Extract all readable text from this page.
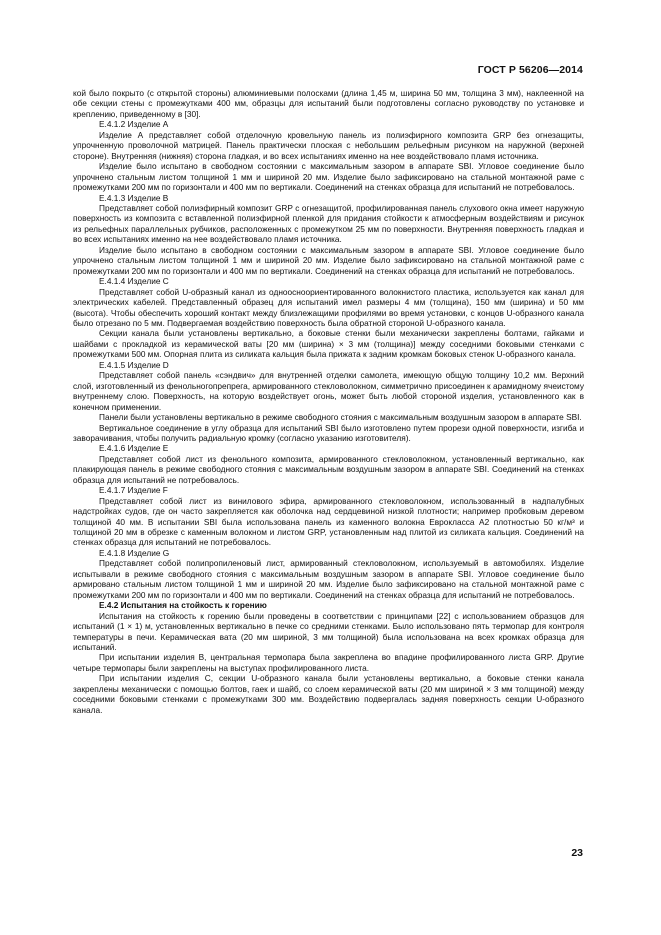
ГОСТ Р 56206—2014

кой было покрыто (с открытой стороны) алюминиевыми полосками (длина 1,45 м, ширина 50 мм, толщина 3 мм), наклеенной на обе секции стены с промежутками 400 мм, образцы для испытаний были подготовлены согласно руководству по установке и креплению, приведенному в [30].

Е.4.1.2 Изделие А

Изделие А представляет собой отделочную кровельную панель из полиэфирного композита GRP без огнезащиты, упрочненную проволочной матрицей. Панель практически плоская с небольшим рельефным рисунком на наружной (верхней стороне). Внутренняя (нижняя) сторона гладкая, и во всех испытаниях именно на нее воздействовало пламя источника.

Изделие было испытано в свободном состоянии с максимальным зазором в аппарате SBI. Угловое соединение было упрочнено стальным листом толщиной 1 мм и шириной 20 мм. Изделие было зафиксировано на стальной монтажной раме с промежутками 200 мм по горизонтали и 400 мм по вертикали. Соединений на стенках образца для испытаний не потребовалось.

Е.4.1.3 Изделие В

Представляет собой полиэфирный композит GRP с огнезащитой, профилированная панель слухового окна имеет наружную поверхность из композита с вставленной полиэфирной пленкой для придания стойкости к атмосферным воздействиям и рисунок из рельефных параллельных рубчиков, расположенных с промежутком 25 мм по поверхности. Внутренняя поверхность гладкая и во всех испытаниях именно на нее воздействовало пламя источника.

Изделие было испытано в свободном состоянии с максимальным зазором в аппарате SBI. Угловое соединение было упрочнено стальным листом толщиной 1 мм и шириной 20 мм. Изделие было зафиксировано на стальной монтажной раме с промежутками 200 мм по горизонтали и 400 мм по вертикали. Соединений на стенках образца для испытаний не потребовалось.

Е.4.1.4 Изделие С

Представляет собой U-образный канал из одноосноориентированного волокнистого пластика, используется как канал для электрических кабелей. Представленный образец для испытаний имел размеры 4 мм (толщина), 150 мм (ширина) и 50 мм (высота). Чтобы обеспечить хороший контакт между близлежащими профилями во время установки, с концов U-образного канала было отрезано по 5 мм. Подвергаемая воздействию поверхность была обратной стороной U-образного канала.

Секции канала были установлены вертикально, а боковые стенки были механически закреплены болтами, гайками и шайбами с прокладкой из керамической ваты [20 мм (ширина) × 3 мм (толщина)] между соседними боковыми стенками с промежутками 500 мм. Опорная плита из силиката кальция была прижата к задним кромкам боковых стенок U-образного канала.

Е.4.1.5 Изделие D

Представляет собой панель «сэндвич» для внутренней отделки самолета, имеющую общую толщину 10,2 мм. Верхний слой, изготовленный из фенольногопрепрега, армированного стекловолокном, симметрично присоединен к арамидному ячеистому внутреннему слою. Поверхность, на которую воздействует огонь, может быть любой стороной изделия, установленного как в конечном применении.

Панели были установлены вертикально в режиме свободного стояния с максимальным воздушным зазором в аппарате SBI.

Вертикальное соединение в углу образца для испытаний SBI было изготовлено путем прорези одной поверхности, изгиба и заворачивания, чтобы получить радиальную кромку (согласно указанию изготовителя).

Е.4.1.6 Изделие Е

Представляет собой лист из фенольного композита, армированного стекловолокном, установленный вертикально, как плакирующая панель в режиме свободного стояния с максимальным воздушным зазором в аппарате SBI. Соединений на стенках образца для испытаний не потребовалось.

Е.4.1.7 Изделие F

Представляет собой лист из винилового эфира, армированного стекловолокном, использованный в надпалубных надстройках судов, где он часто закрепляется как оболочка над сердцевиной низкой плотности; например пробковым деревом толщиной 40 мм. В испытании SBI была использована панель из каменного волокна Еврокласса А2 плотностью 50 кг/м³ и толщиной 20 мм в обрезке с каменным волокном и листом GRP, установленным над плитой из силиката кальция. Соединений на стенках образца для испытаний не потребовалось.

Е.4.1.8 Изделие G

Представляет собой полипропиленовый лист, армированный стекловолокном, используемый в автомобилях. Изделие испытывали в режиме свободного стояния с максимальным воздушным зазором в аппарате SBI. Угловое соединение было армировано стальным листом толщиной 1 мм и шириной 20 мм. Изделие было зафиксировано на стальной монтажной раме с промежутками 200 мм по горизонтали и 400 мм по вертикали. Соединений на стенках образца для испытаний не потребовалось.

Е.4.2 Испытания на стойкость к горению

Испытания на стойкость к горению были проведены в соответствии с принципами [22] с использованием образцов для испытаний (1 × 1) м, установленных вертикально в печке со средними стенками. Было использовано пять термопар для контроля температуры в печи. Керамическая вата (20 мм шириной, 3 мм толщиной) была использована на всех кромках образца для испытаний.

При испытании изделия В, центральная термопара была закреплена во впадине профилированного листа GRP. Другие четыре термопары были закреплены на выступах профилированного листа.

При испытании изделия С, секции U-образного канала были установлены вертикально, а боковые стенки канала закреплены механически с помощью болтов, гаек и шайб, со слоем керамической ваты (20 мм шириной × 3 мм толщиной) между соседними боковыми стенками с промежутками 300 мм. Воздействию подвергалась задняя поверхность секции U-образного канала.

23
